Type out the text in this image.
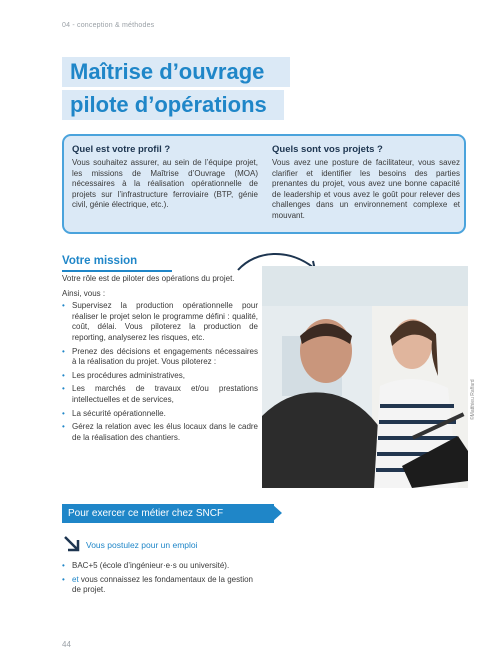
04 - conception & méthodes
Maîtrise d’ouvrage -
pilote d’opérations
Quel est votre profil ?
Vous souhaitez assurer, au sein de l’équipe projet, les missions de Maîtrise d’Ouvrage (MOA) nécessaires à la réalisation opérationnelle de projets sur l’infrastructure ferroviaire (BTP, génie civil, génie électrique, etc.).
Quels sont vos projets ?
Vous avez une posture de facilitateur, vous savez clarifier et identifier les besoins des parties prenantes du projet, vous avez une bonne capacité de leadership et vous avez le goût pour relever des challenges dans un environnement complexe et mouvant.
Votre mission

Votre rôle est de piloter des opérations du projet.

Ainsi, vous :

• Supervisez la production opérationnelle pour réaliser le projet selon le programme défini : qualité, coût, délai. Vous piloterez la production de reporting, analyserez les risques, etc.
• Prenez des décisions et engagements nécessaires à la réalisation du projet. Vous piloterez :
• Les procédures administratives,
• Les marchés de travaux et/ou prestations intellectuelles et de services,
• La sécurité opérationnelle.
• Gérez la relation avec les élus locaux dans le cadre de la réalisation des chantiers.
©Matthieu Raffard
Pour exercer ce métier chez SNCF
Vous postulez pour un emploi
• BAC+5 (école d’ingénieur·e·s ou université).
• et vous connaissez les fondamentaux de la gestion de projet.
44
